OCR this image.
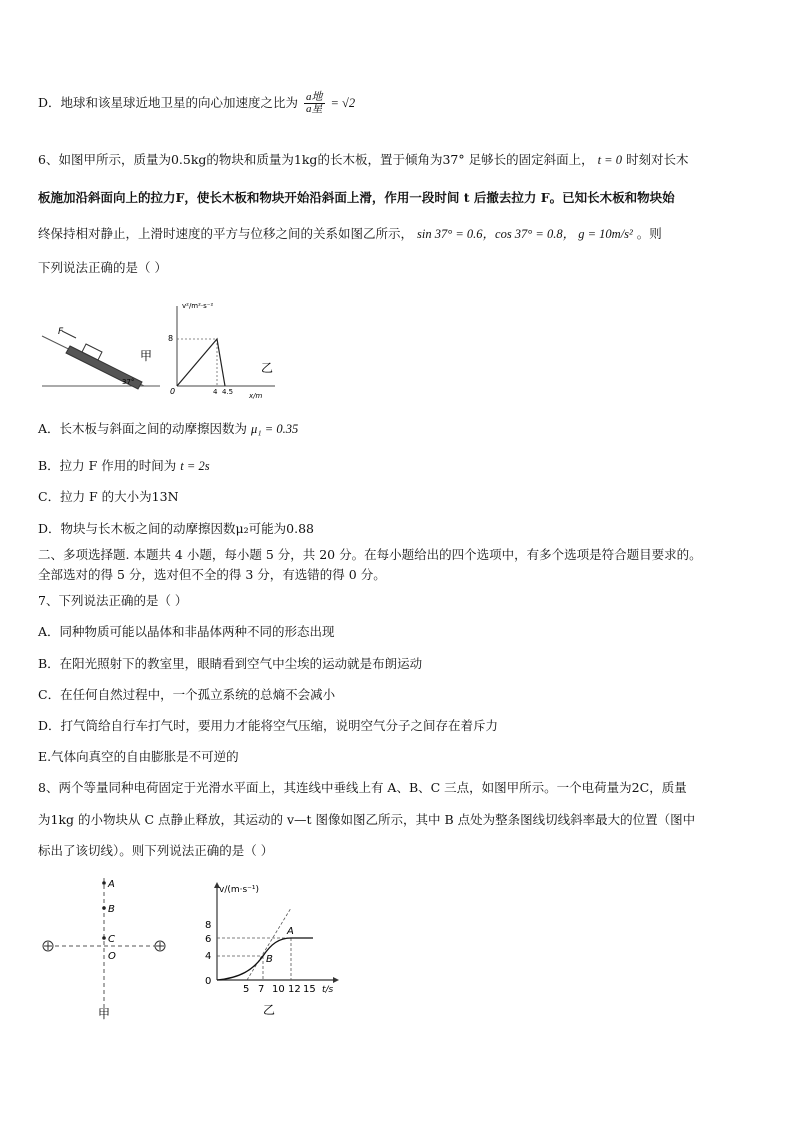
D．地球和该星球近地卫星的向心加速度之比为 $\frac{\text{a地}}{\text{a星}} = √2$
6、如图甲所示，质量为0.5kg的物块和质量为1kg的长木板，置于倾角为37° 足够长的固定斜面上， t = 0 时刻对长木
板施加沿斜面向上的拉力F，使长木板和物块开始沿斜面上滑，作用一段时间 t 后撤去拉力 F。已知长木板和物块始
终保持相对静止，上滑时速度的平方与位移之间的关系如图乙所示， sin 37° = 0.6，cos 37° = 0.8， g = 10m/s² 。则
下列说法正确的是（ ）
F
37°
甲
v²/m²·s⁻²
x/m
0
8
4 4.5
乙
A．长木板与斜面之间的动摩擦因数为 μ₁ = 0.35
B．拉力 F 作用的时间为 t = 2s
C．拉力 F 的大小为13N
D．物块与长木板之间的动摩擦因数μ₂可能为0.88
二、多项选择题. 本题共 4 小题，每小题 5 分，共 20 分。在每小题给出的四个选项中，有多个选项是符合题目要求的。
全部选对的得 5 分，选对但不全的得 3 分，有选错的得 0 分。
7、下列说法正确的是（ ）
A．同种物质可能以晶体和非晶体两种不同的形态出现
B．在阳光照射下的教室里，眼睛看到空气中尘埃的运动就是布朗运动
C．在任何自然过程中，一个孤立系统的总熵不会减小
D．打气筒给自行车打气时，要用力才能将空气压缩，说明空气分子之间存在着斥力
E.气体向真空的自由膨胀是不可逆的
8、两个等量同种电荷固定于光滑水平面上，其连线中垂线上有 A、B、C 三点，如图甲所示。一个电荷量为2C，质量
为1kg 的小物块从 C 点静止释放，其运动的 v—t 图像如图乙所示，其中 B 点处为整条图线切线斜率最大的位置（图中
标出了该切线）。则下列说法正确的是（ ）
A
B
C
O
甲
v/(m·s⁻¹)
t/s
0
8
6
4
5 7 10 12 15
B
A
乙
